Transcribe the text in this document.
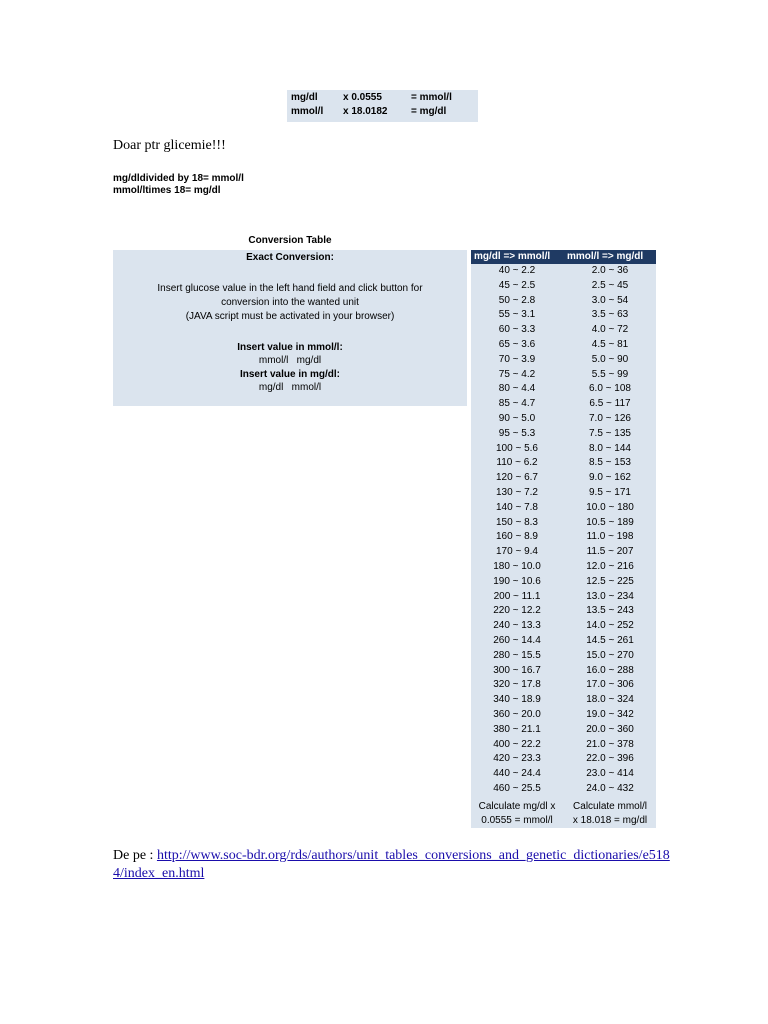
mg/dl	x 0.0555	= mmol/l
mmol/l x 18.0182 = mg/dl
Doar ptr glicemie!!!
mg/dldivided by 18= mmol/l
mmol/ltimes 18= mg/dl
Conversion Table
Exact Conversion:
Insert glucose value in the left hand field and click button for
conversion into the wanted unit
(JAVA script must be activated in your browser)
Insert value in mmol/l:
mmol/l   mg/dl
Insert value in mg/dl:
mg/dl   mmol/l
mg/dl => mmol/l mmol/l => mg/dl
40 ~ 2.2	2.0 ~ 36
45 ~ 2.5	2.5 ~ 45
50 ~ 2.8	3.0 ~ 54
55 ~ 3.1	3.5 ~ 63
60 ~ 3.3	4.0 ~ 72
65 ~ 3.6	4.5 ~ 81
70 ~ 3.9	5.0 ~ 90
75 ~ 4.2	5.5 ~ 99
80 ~ 4.4	6.0 ~ 108
85 ~ 4.7	6.5 ~ 117
90 ~ 5.0	7.0 ~ 126
95 ~ 5.3	7.5 ~ 135
100 ~ 5.6	8.0 ~ 144
110 ~ 6.2	8.5 ~ 153
120 ~ 6.7	9.0 ~ 162
130 ~ 7.2	9.5 ~ 171
140 ~ 7.8	10.0 ~ 180
150 ~ 8.3	10.5 ~ 189
160 ~ 8.9	11.0 ~ 198
170 ~ 9.4	11.5 ~ 207
180 ~ 10.0	12.0 ~ 216
190 ~ 10.6	12.5 ~ 225
200 ~ 11.1	13.0 ~ 234
220 ~ 12.2	13.5 ~ 243
240 ~ 13.3	14.0 ~ 252
260 ~ 14.4	14.5 ~ 261
280 ~ 15.5	15.0 ~ 270
300 ~ 16.7	16.0 ~ 288
320 ~ 17.8	17.0 ~ 306
340 ~ 18.9	18.0 ~ 324
360 ~ 20.0	19.0 ~ 342
380 ~ 21.1	20.0 ~ 360
400 ~ 22.2	21.0 ~ 378
420 ~ 23.3	22.0 ~ 396
440 ~ 24.4	23.0 ~ 414
460 ~ 25.5	24.0 ~ 432
Calculate mg/dl x
0.0555 = mmol/l
Calculate mmol/l
x 18.018 = mg/dl
De pe : http://www.soc-bdr.org/rds/authors/unit_tables_conversions_and_genetic_dictionaries/e5184/index_en.html
